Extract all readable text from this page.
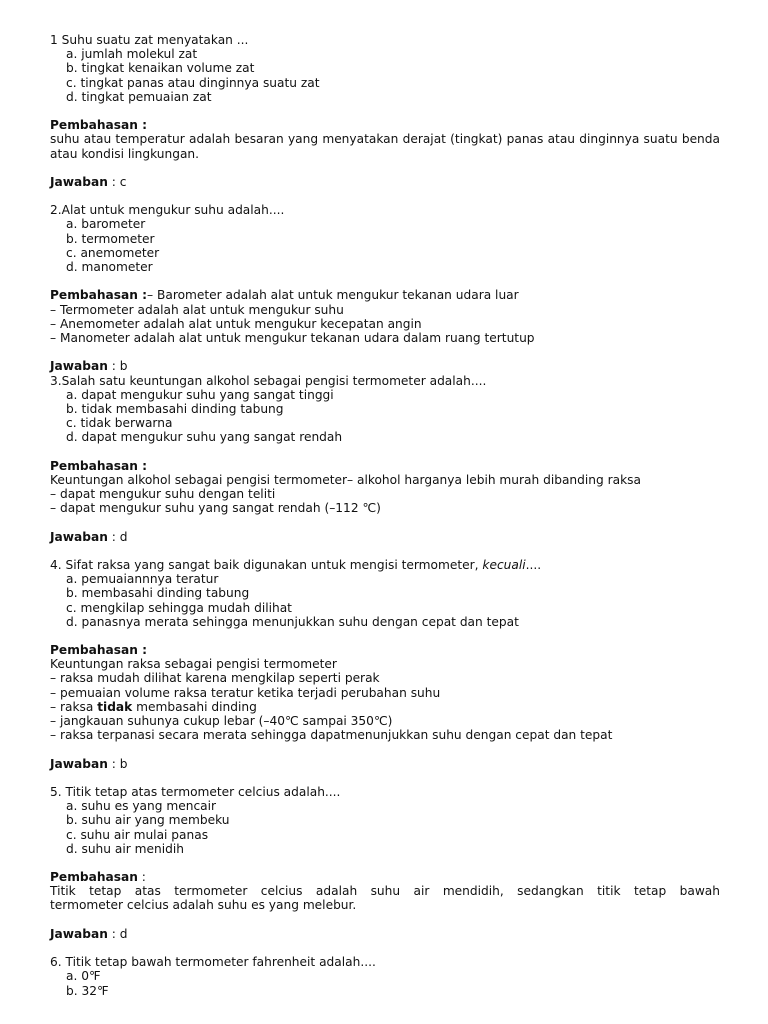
1 Suhu suatu zat menyatakan ...
a. jumlah molekul zat
b. tingkat kenaikan volume zat
c. tingkat panas atau dinginnya suatu zat
d. tingkat pemuaian zat
Pembahasan :
suhu atau temperatur adalah besaran yang menyatakan derajat (tingkat) panas atau dinginnya suatu benda atau kondisi lingkungan.
Jawaban : c
2.Alat untuk mengukur suhu adalah....
a. barometer
b. termometer
c. anemometer
d. manometer
Pembahasan :– Barometer adalah alat untuk mengukur tekanan udara luar
– Termometer adalah alat untuk mengukur suhu
– Anemometer adalah alat untuk mengukur kecepatan angin
– Manometer adalah alat untuk mengukur tekanan udara dalam ruang tertutup
Jawaban : b
3.Salah satu keuntungan alkohol sebagai pengisi termometer adalah....
a. dapat mengukur suhu yang sangat tinggi
b. tidak membasahi dinding tabung
c. tidak berwarna
d. dapat mengukur suhu yang sangat rendah
Pembahasan :
Keuntungan alkohol sebagai pengisi termometer– alkohol harganya lebih murah dibanding raksa
– dapat mengukur suhu dengan teliti
– dapat mengukur suhu yang sangat rendah (–112 ℃)
Jawaban : d
4. Sifat raksa yang sangat baik digunakan untuk mengisi termometer, kecuali....
a. pemuaiannnya teratur
b. membasahi dinding tabung
c. mengkilap sehingga mudah dilihat
d. panasnya merata sehingga menunjukkan suhu dengan cepat dan tepat
Pembahasan :
Keuntungan raksa sebagai pengisi termometer
– raksa mudah dilihat karena mengkilap seperti perak
– pemuaian volume raksa teratur ketika terjadi perubahan suhu
– raksa tidak membasahi dinding
– jangkauan suhunya cukup lebar (–40℃ sampai 350℃)
– raksa terpanasi secara merata sehingga dapatmenunjukkan suhu dengan cepat dan tepat
Jawaban : b
5. Titik tetap atas termometer celcius adalah....
a. suhu es yang mencair
b. suhu air yang membeku
c. suhu air mulai panas
d. suhu air menidih
Pembahasan :
Titik tetap atas termometer celcius adalah suhu air mendidih, sedangkan titik tetap bawah
termometer celcius adalah suhu es yang melebur.
Jawaban : d
6. Titik tetap bawah termometer fahrenheit adalah....
a. 0℉
b. 32℉
